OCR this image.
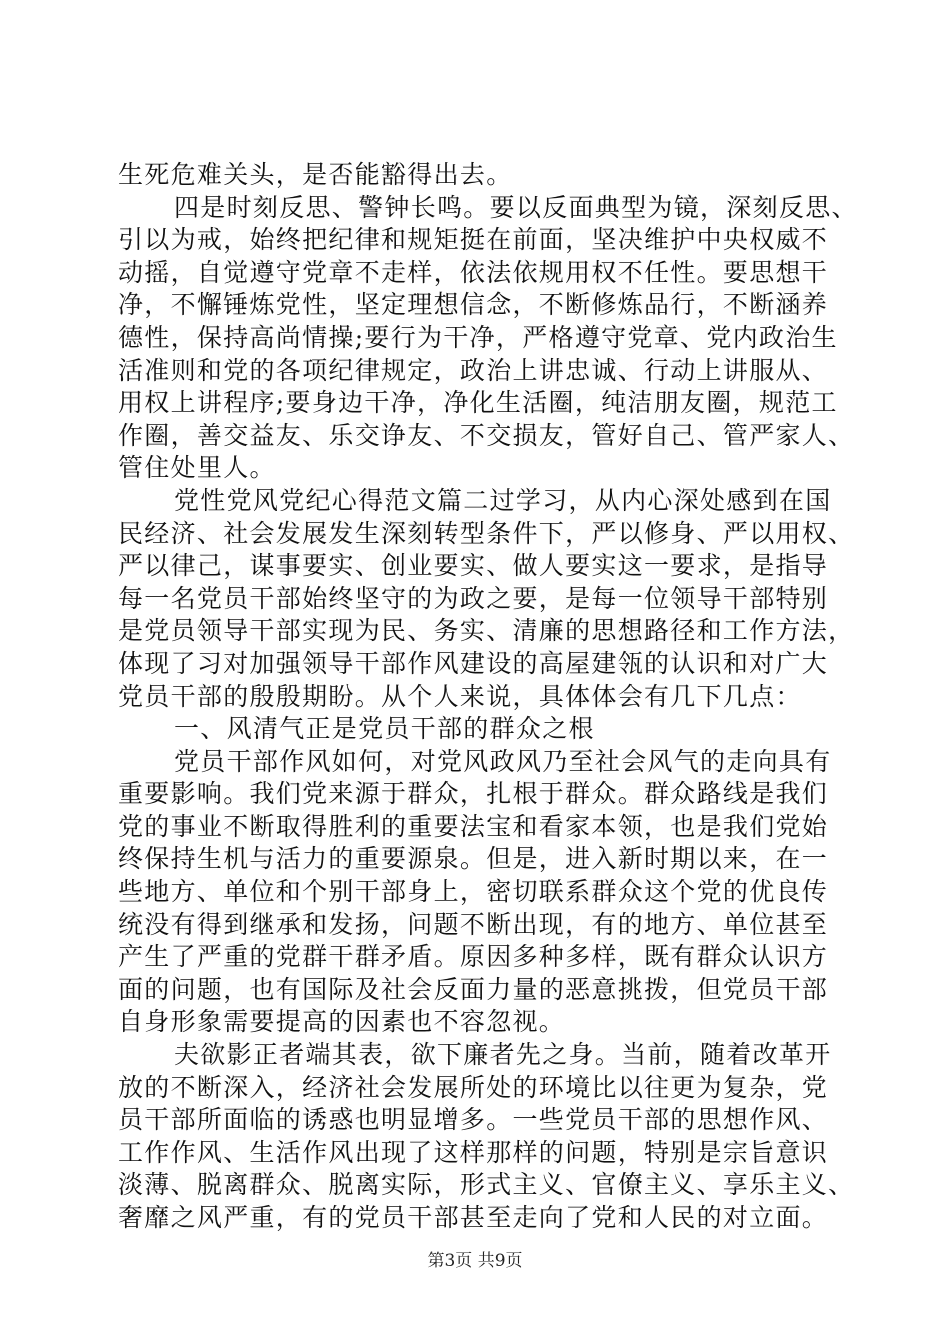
生死危难关头，是否能豁得出去。
四是时刻反思、警钟长鸣。要以反面典型为镜，深刻反思、
引以为戒，始终把纪律和规矩挺在前面，坚决维护中央权威不
动摇，自觉遵守党章不走样，依法依规用权不任性。要思想干
净，不懈锤炼党性，坚定理想信念，不断修炼品行，不断涵养
德性，保持高尚情操;要行为干净，严格遵守党章、党内政治生
活准则和党的各项纪律规定，政治上讲忠诚、行动上讲服从、
用权上讲程序;要身边干净，净化生活圈，纯洁朋友圈，规范工
作圈，善交益友、乐交诤友、不交损友，管好自己、管严家人、
管住处里人。
党性党风党纪心得范文篇二过学习，从内心深处感到在国
民经济、社会发展发生深刻转型条件下，严以修身、严以用权、
严以律己，谋事要实、创业要实、做人要实这一要求，是指导
每一名党员干部始终坚守的为政之要，是每一位领导干部特别
是党员领导干部实现为民、务实、清廉的思想路径和工作方法，
体现了习对加强领导干部作风建设的高屋建瓴的认识和对广大
党员干部的殷殷期盼。从个人来说，具体体会有几下几点：
一、风清气正是党员干部的群众之根
党员干部作风如何，对党风政风乃至社会风气的走向具有
重要影响。我们党来源于群众，扎根于群众。群众路线是我们
党的事业不断取得胜利的重要法宝和看家本领，也是我们党始
终保持生机与活力的重要源泉。但是，进入新时期以来，在一
些地方、单位和个别干部身上，密切联系群众这个党的优良传
统没有得到继承和发扬，问题不断出现，有的地方、单位甚至
产生了严重的党群干群矛盾。原因多种多样，既有群众认识方
面的问题，也有国际及社会反面力量的恶意挑拨，但党员干部
自身形象需要提高的因素也不容忽视。
夫欲影正者端其表，欲下廉者先之身。当前，随着改革开
放的不断深入，经济社会发展所处的环境比以往更为复杂，党
员干部所面临的诱惑也明显增多。一些党员干部的思想作风、
工作作风、生活作风出现了这样那样的问题，特别是宗旨意识
淡薄、脱离群众、脱离实际，形式主义、官僚主义、享乐主义、
奢靡之风严重，有的党员干部甚至走向了党和人民的对立面。
第3页 共9页
